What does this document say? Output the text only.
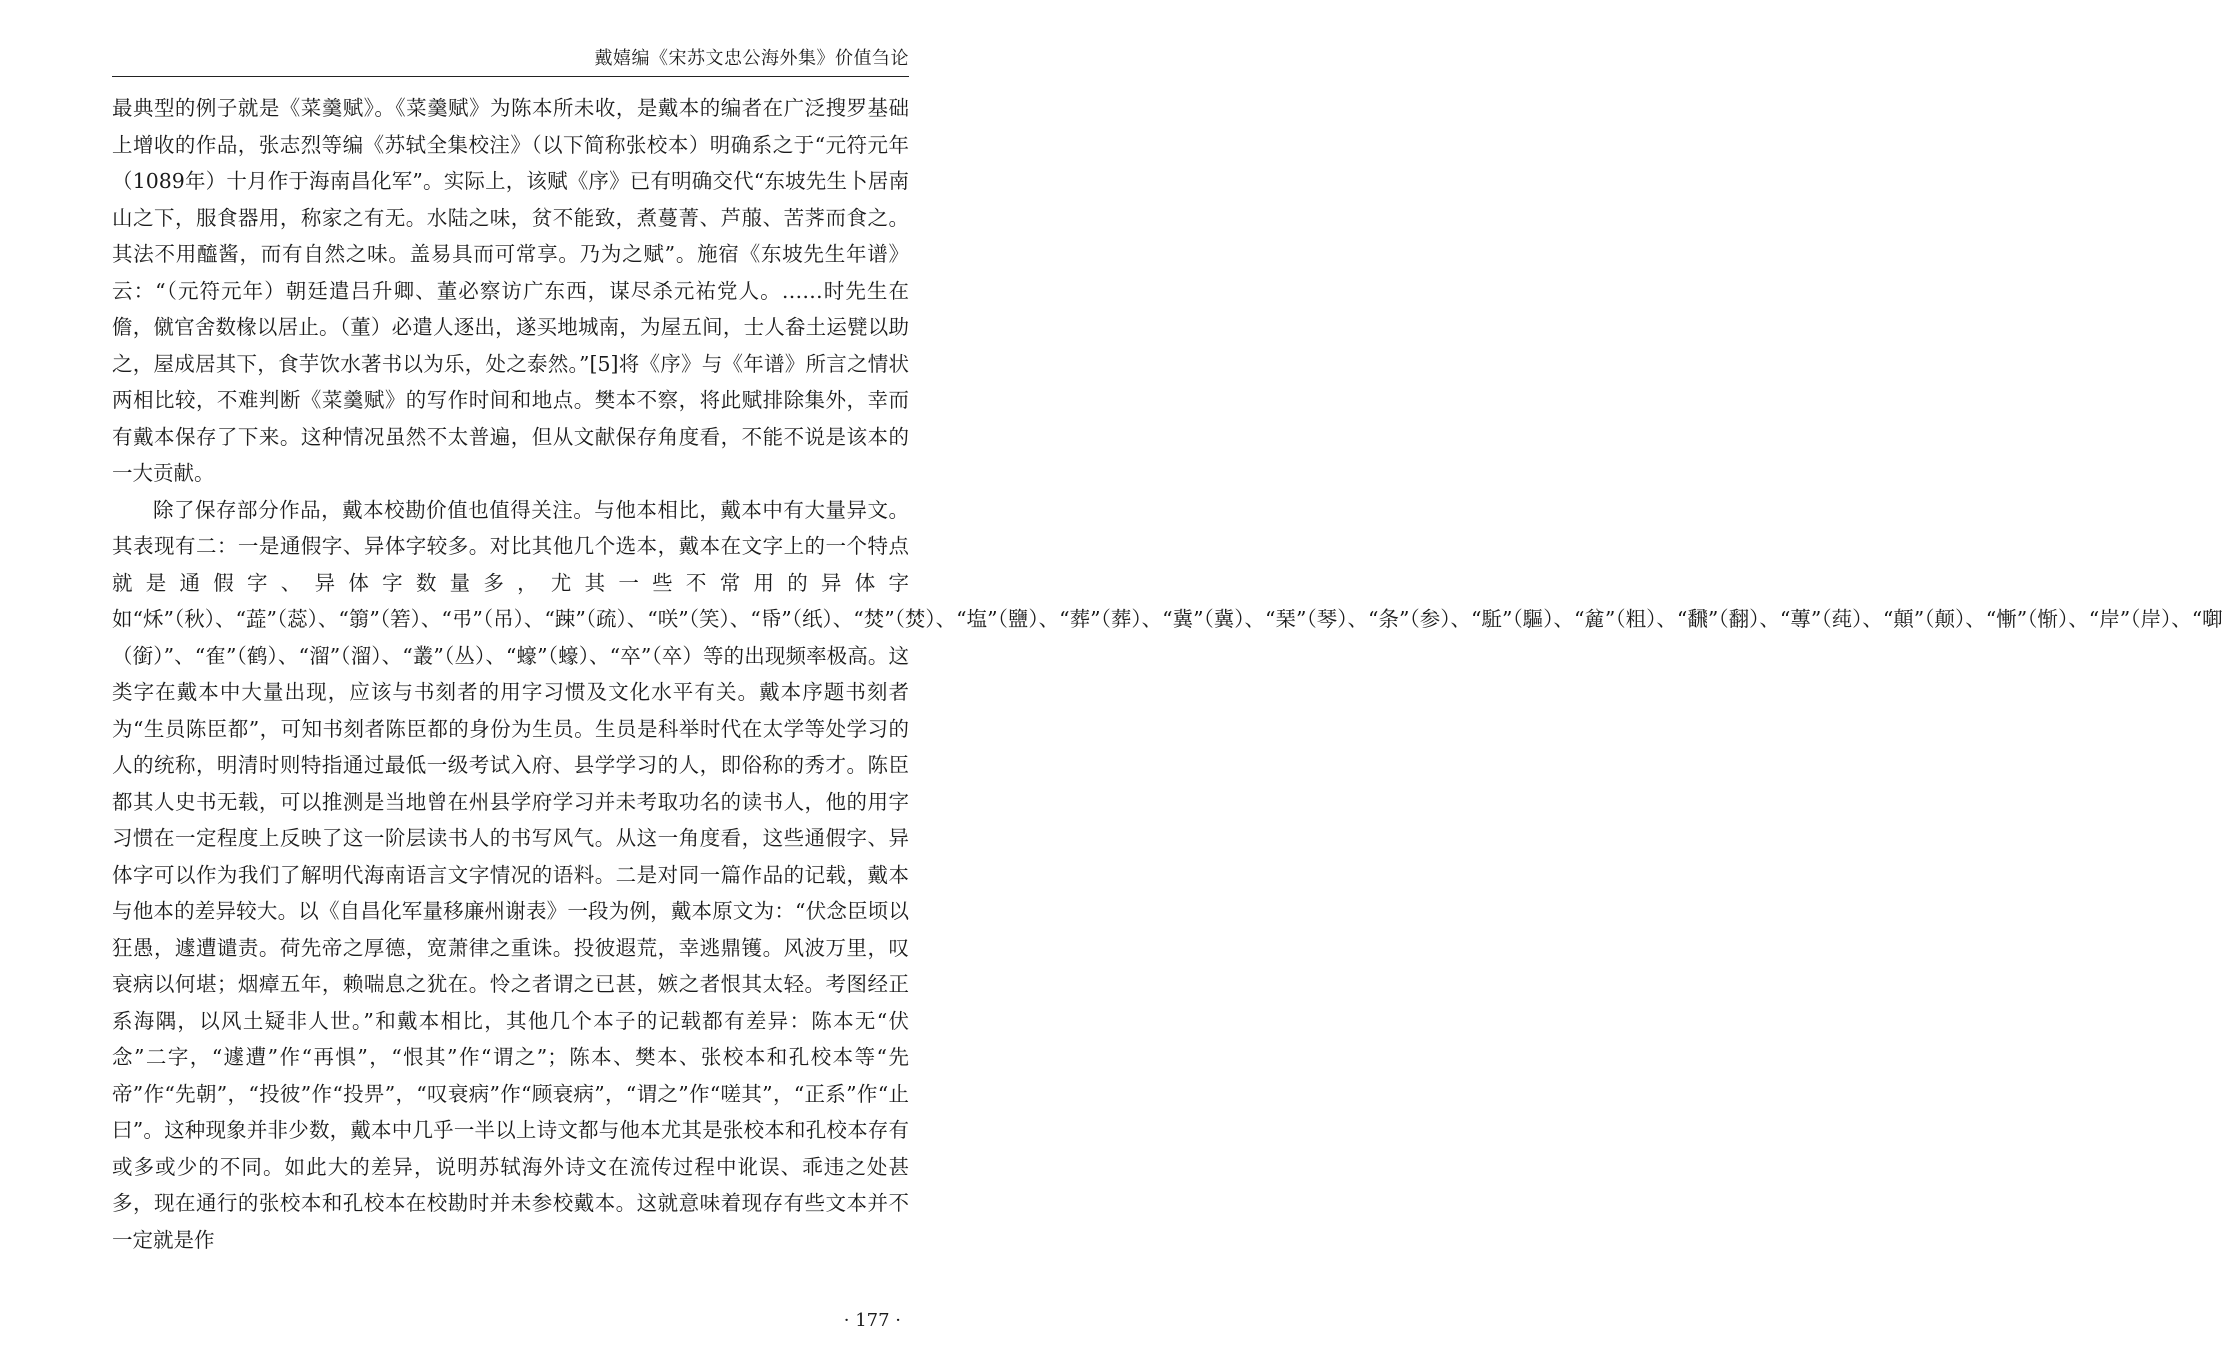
戴嬉编《宋苏文忠公海外集》价值刍论

最典型的例子就是《菜羹赋》。《菜羹赋》为陈本所未收，是戴本的编者在广泛搜罗基础上增收的作品，张志烈等编《苏轼全集校注》（以下简称张校本）明确系之于“元符元年（1089年）十月作于海南昌化军”。实际上，该赋《序》已有明确交代“东坡先生卜居南山之下，服食器用，称家之有无。水陆之味，贫不能致，煮蔓菁、芦菔、苦荠而食之。其法不用醯酱，而有自然之味。盖易具而可常享。乃为之赋”。施宿《东坡先生年谱》云：“（元符元年）朝廷遣吕升卿、董必察访广东西，谋尽杀元祐党人。……时先生在儋，僦官舍数椽以居止。（董）必遣人逐出，遂买地城南，为屋五间，士人畚土运甓以助之，屋成居其下，食芋饮水著书以为乐，处之泰然。”[5]将《序》与《年谱》所言之情状两相比较，不难判断《菜羹赋》的写作时间和地点。樊本不察，将此赋排除集外，幸而有戴本保存了下来。这种情况虽然不太普遍，但从文献保存角度看，不能不说是该本的一大贡献。

除了保存部分作品，戴本校勘价值也值得关注。与他本相比，戴本中有大量异文。其表现有二：一是通假字、异体字较多。对比其他几个选本，戴本在文字上的一个特点就是通假字、异体字数量多，尤其一些不常用的异体字如“秌”（秋）、“蕋”（蕊）、“篛”（箬）、“弔”（吊）、“踈”（疏）、“咲”（笑）、“帋”（纸）、“焚”（焚）、“塩”（鹽）、“葬”（葬）、“冀”（冀）、“琹”（琴）、“条”（参）、“駈”（驅）、“麄”（粗）、“飜”（翻）、“蓴”（莼）、“顛”（颠）、“慚”（惭）、“岸”（岸）、“啣（銜）”、“隺”（鹤）、“溜”（溜）、“叢”（丛）、“蠔”（蠔）、“卒”（卒）等的出现频率极高。这类字在戴本中大量出现，应该与书刻者的用字习惯及文化水平有关。戴本序题书刻者为“生员陈臣都”，可知书刻者陈臣都的身份为生员。生员是科举时代在太学等处学习的人的统称，明清时则特指通过最低一级考试入府、县学学习的人，即俗称的秀才。陈臣都其人史书无载，可以推测是当地曾在州县学府学习并未考取功名的读书人，他的用字习惯在一定程度上反映了这一阶层读书人的书写风气。从这一角度看，这些通假字、异体字可以作为我们了解明代海南语言文字情况的语料。二是对同一篇作品的记载，戴本与他本的差异较大。以《自昌化军量移廉州谢表》一段为例，戴本原文为：“伏念臣顷以狂愚，遽遭谴责。荷先帝之厚德，宽萧律之重诛。投彼遐荒，幸逃鼎镬。风波万里，叹衰病以何堪；烟瘴五年，赖喘息之犹在。怜之者谓之已甚，嫉之者恨其太轻。考图经正系海隅，以风土疑非人世。”和戴本相比，其他几个本子的记载都有差异：陈本无“伏念”二字，“遽遭”作“再惧”，“恨其”作“谓之”；陈本、樊本、张校本和孔校本等“先帝”作“先朝”，“投彼”作“投畀”，“叹衰病”作“顾衰病”，“谓之”作“嗟其”，“正系”作“止曰”。这种现象并非少数，戴本中几乎一半以上诗文都与他本尤其是张校本和孔校本存有或多或少的不同。如此大的差异，说明苏轼海外诗文在流传过程中讹误、乖违之处甚多，现在通行的张校本和孔校本在校勘时并未参校戴本。这就意味着现存有些文本并不一定就是作

· 177 ·
